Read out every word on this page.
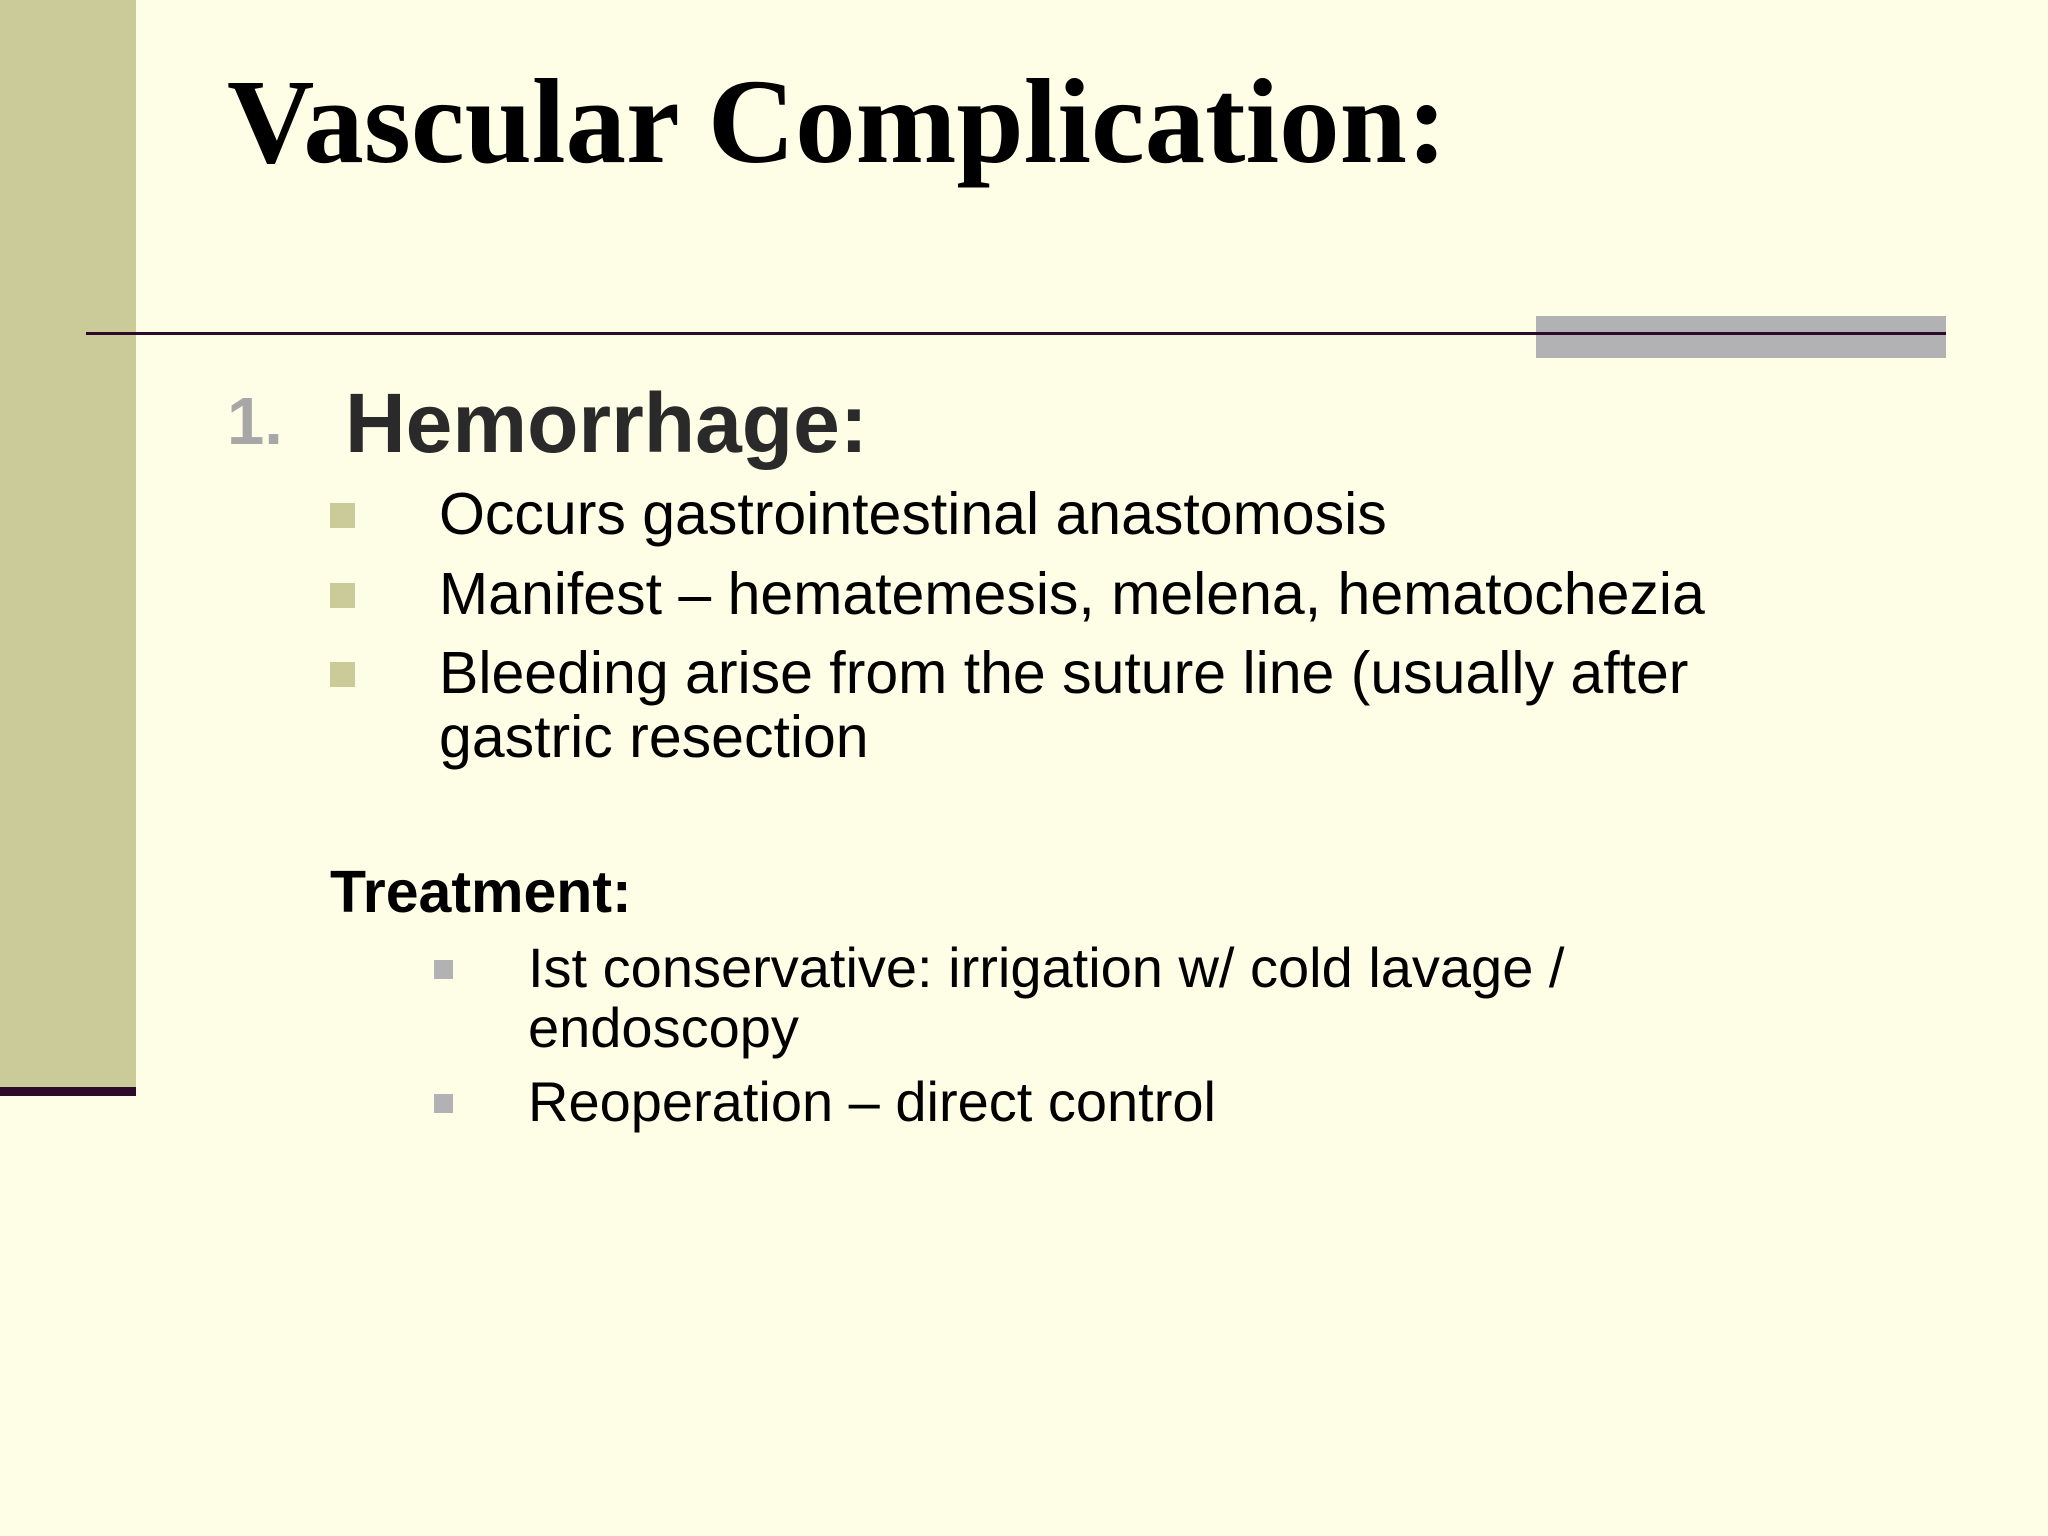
Vascular Complication:
1. Hemorrhage:
Occurs gastrointestinal anastomosis
Manifest – hematemesis, melena, hematochezia
Bleeding arise from the suture line (usually after gastric resection
Treatment:
Ist conservative: irrigation w/ cold lavage / endoscopy
Reoperation – direct control
